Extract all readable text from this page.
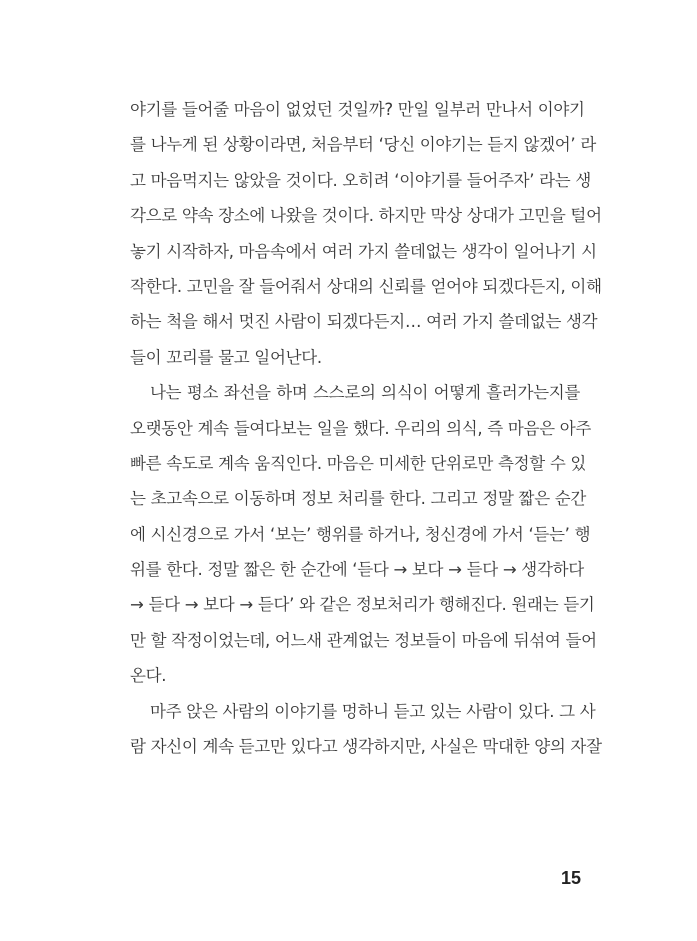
야기를 들어줄 마음이 없었던 것일까? 만일 일부러 만나서 이야기
를 나누게 된 상황이라면, 처음부터 ‘당신 이야기는 듣지 않겠어’ 라
고 마음먹지는 않았을 것이다. 오히려 ‘이야기를 들어주자’ 라는 생
각으로 약속 장소에 나왔을 것이다. 하지만 막상 상대가 고민을 털어
놓기 시작하자, 마음속에서 여러 가지 쓸데없는 생각이 일어나기 시
작한다. 고민을 잘 들어줘서 상대의 신뢰를 얻어야 되겠다든지, 이해
하는 척을 해서 멋진 사람이 되겠다든지… 여러 가지 쓸데없는 생각
들이 꼬리를 물고 일어난다.
나는 평소 좌선을 하며 스스로의 의식이 어떻게 흘러가는지를
오랫동안 계속 들여다보는 일을 했다. 우리의 의식, 즉 마음은 아주
빠른 속도로 계속 움직인다. 마음은 미세한 단위로만 측정할 수 있
는 초고속으로 이동하며 정보 처리를 한다. 그리고 정말 짧은 순간
에 시신경으로 가서 ‘보는’ 행위를 하거나, 청신경에 가서 ‘듣는’ 행
위를 한다. 정말 짧은 한 순간에 ‘듣다 → 보다 → 듣다 → 생각하다
→ 듣다 → 보다 → 듣다’ 와 같은 정보처리가 행해진다. 원래는 듣기
만 할 작정이었는데, 어느새 관계없는 정보들이 마음에 뒤섞여 들어
온다.
마주 앉은 사람의 이야기를 멍하니 듣고 있는 사람이 있다. 그 사
람 자신이 계속 듣고만 있다고 생각하지만, 사실은 막대한 양의 자잘
15
